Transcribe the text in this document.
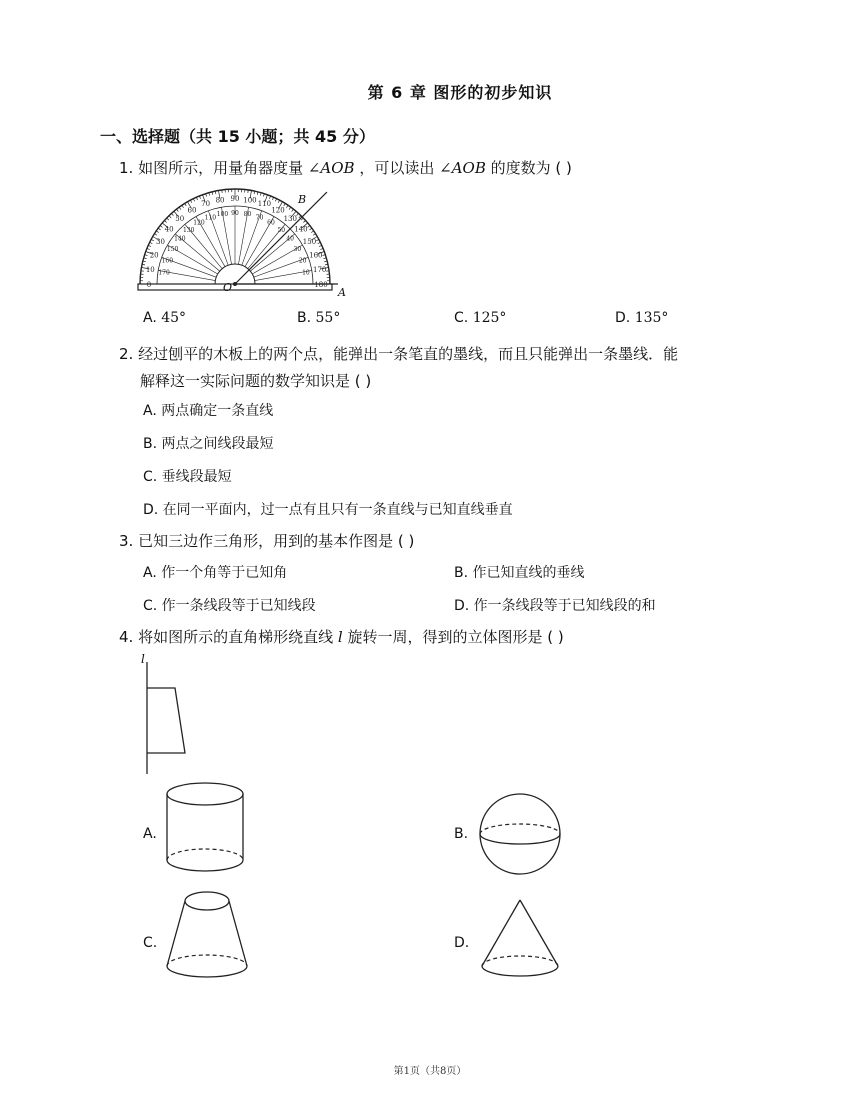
第 6 章 图形的初步知识
一、选择题（共 15 小题；共 45 分）
1. 如图所示，用量角器度量 ∠AOB ，可以读出 ∠AOB 的度数为 ( )
180
170
10
160
20
150
30
140
40
130
50
120
60
110
70
100
80
90
90
80
100
70
110
60
120
50
130
40
140
30
150
20
160
10 170
0
B
O	A
A. 45°	B. 55°	C. 125°	D. 135°
2. 经过刨平的木板上的两个点，能弹出一条笔直的墨线，而且只能弹出一条墨线．能
解释这一实际问题的数学知识是 ( )
A. 两点确定一条直线
B. 两点之间线段最短
C. 垂线段最短
D. 在同一平面内，过一点有且只有一条直线与已知直线垂直
3. 已知三边作三角形，用到的基本作图是 ( )
A. 作一个角等于已知角	B. 作已知直线的垂线
C. 作一条线段等于已知线段	D. 作一条线段等于已知线段的和
4. 将如图所示的直角梯形绕直线 l 旋转一周，得到的立体图形是 ( )
l
A.	B.
C.	D.
第1页（共8页）
